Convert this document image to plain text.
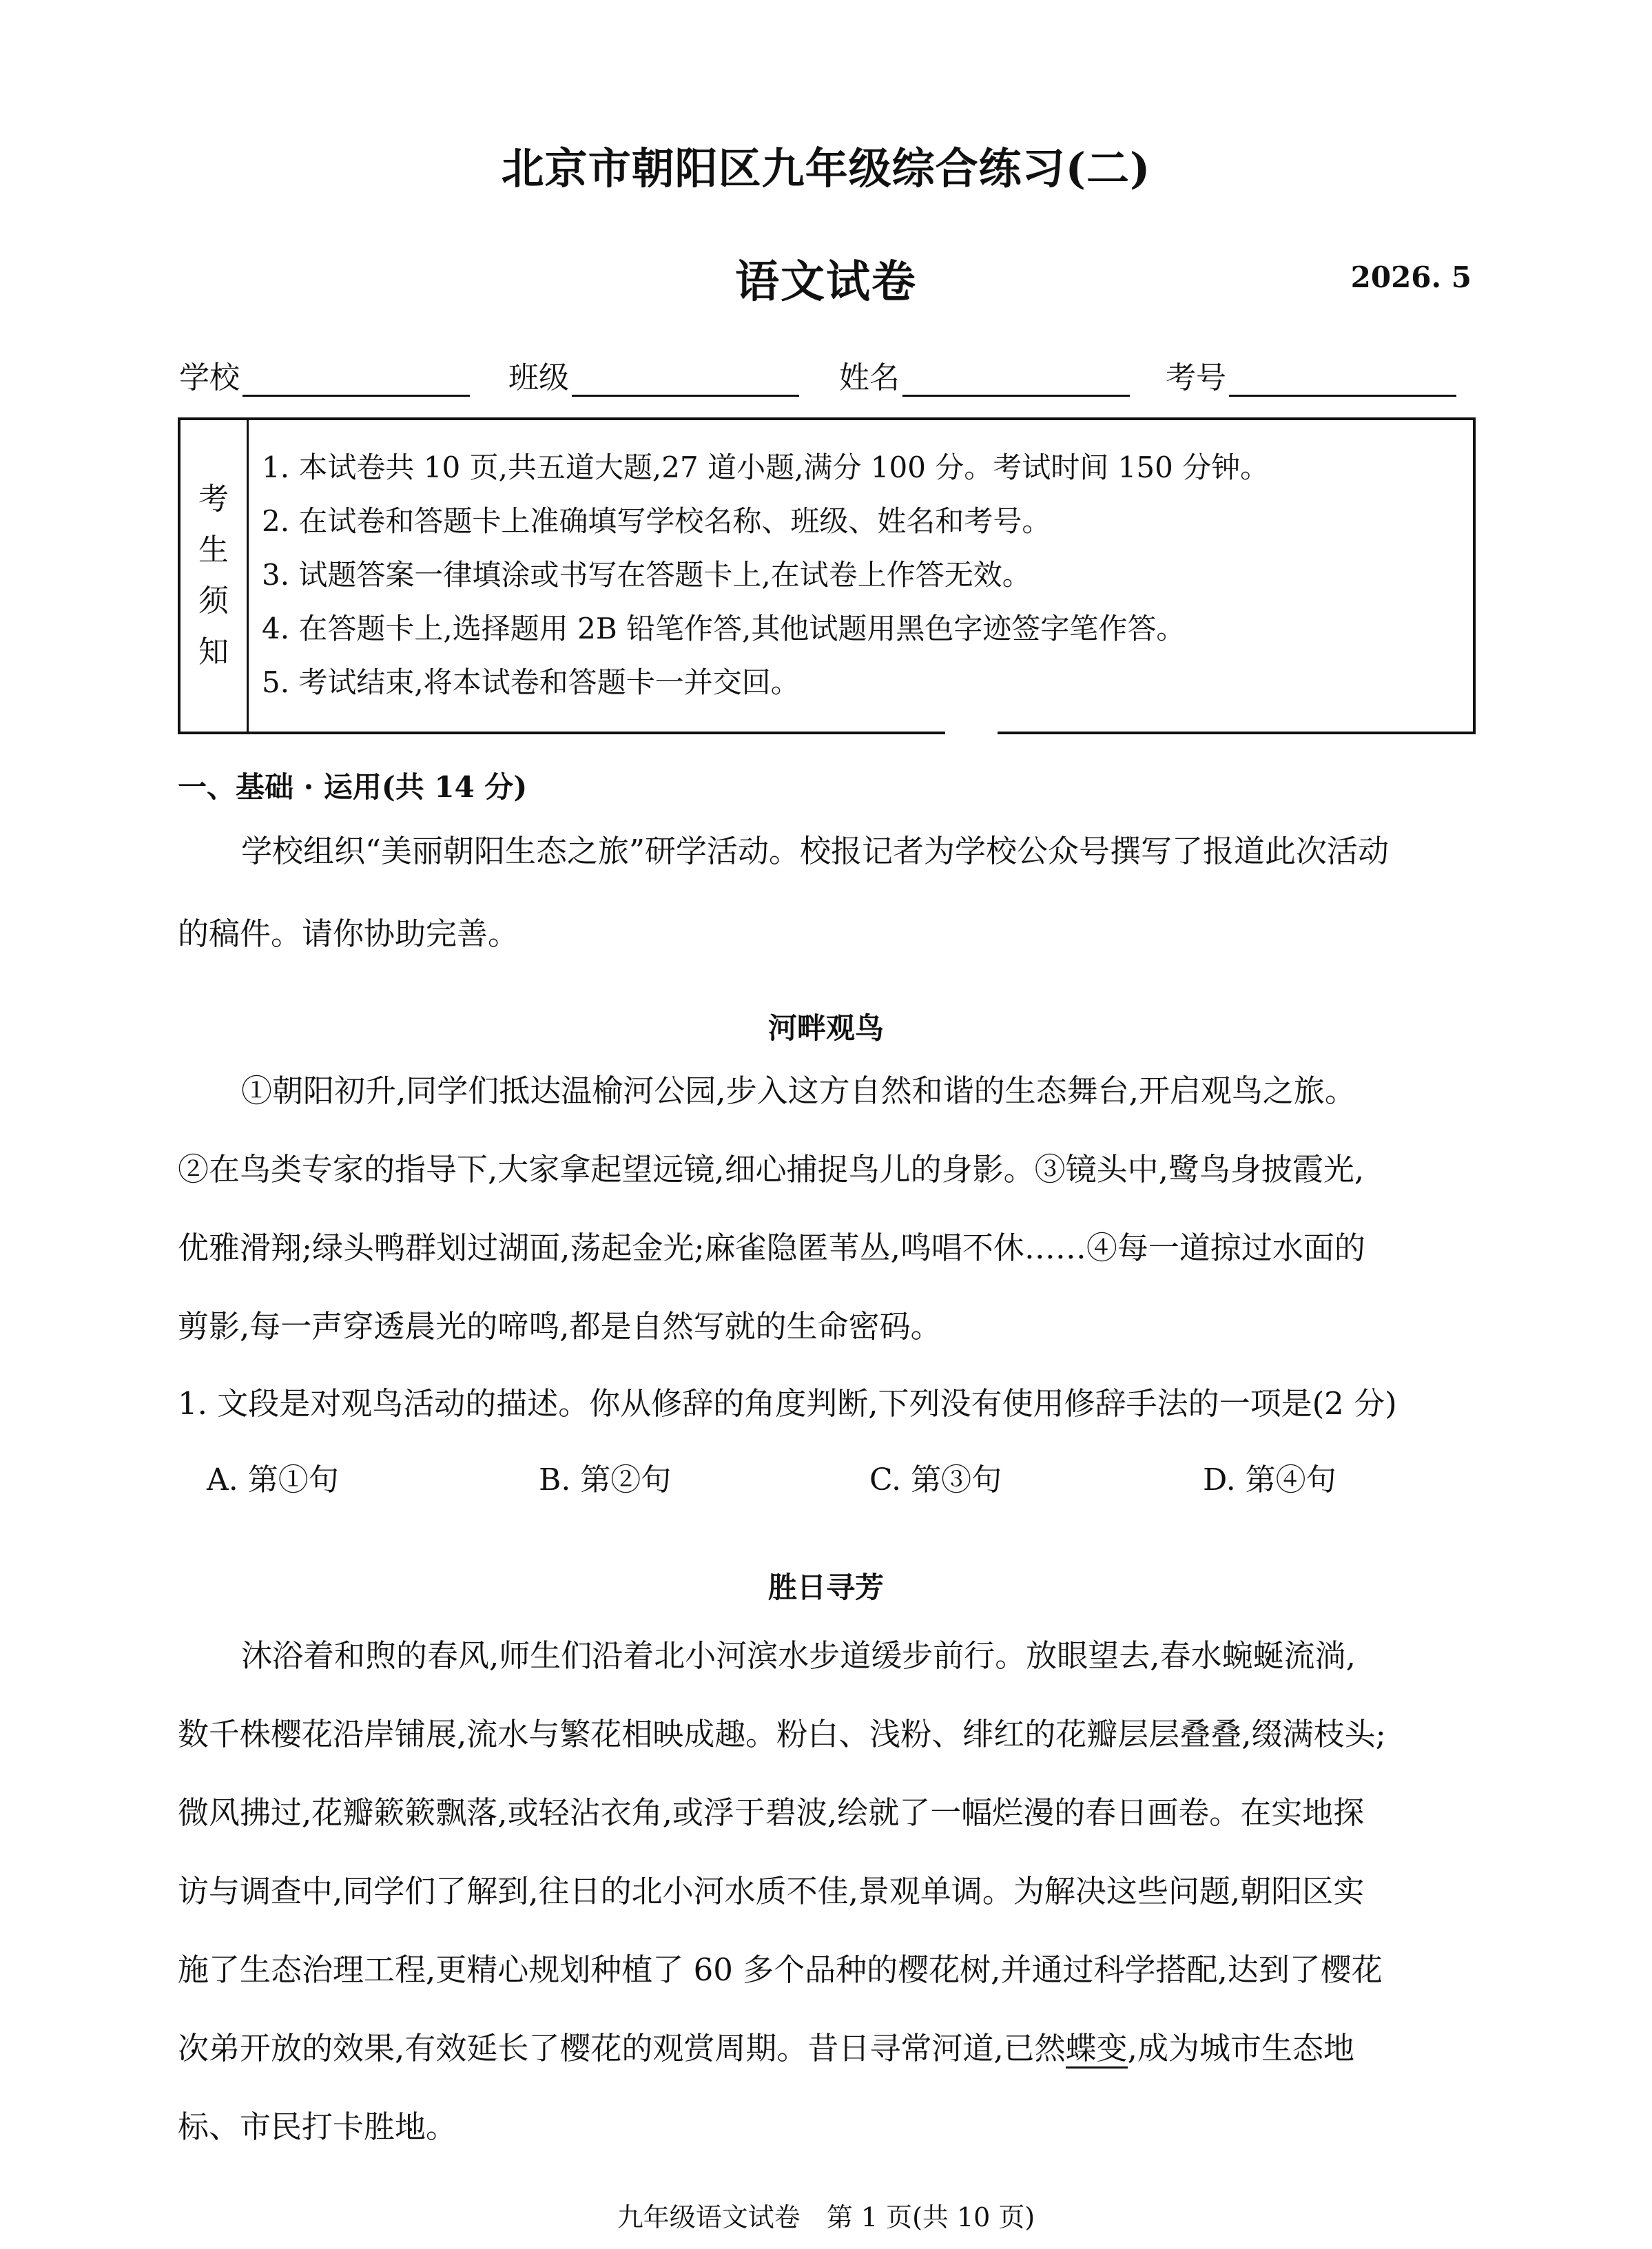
北京市朝阳区九年级综合练习(二)
语文试卷	2026. 5
学校	班级	姓名	考号
考
生
须
知
1. 本试卷共 10 页,共五道大题,27 道小题,满分 100 分。考试时间 150 分钟。
2. 在试卷和答题卡上准确填写学校名称、班级、姓名和考号。
3. 试题答案一律填涂或书写在答题卡上,在试卷上作答无效。
4. 在答题卡上,选择题用 2B 铅笔作答,其他试题用黑色字迹签字笔作答。
5. 考试结束,将本试卷和答题卡一并交回。
一、基础 · 运用(共 14 分)
学校组织“美丽朝阳生态之旅”研学活动。校报记者为学校公众号撰写了报道此次活动
的稿件。请你协助完善。
河畔观鸟
①朝阳初升,同学们抵达温榆河公园,步入这方自然和谐的生态舞台,开启观鸟之旅。
②在鸟类专家的指导下,大家拿起望远镜,细心捕捉鸟儿的身影。③镜头中,鹭鸟身披霞光,
优雅滑翔;绿头鸭群划过湖面,荡起金光;麻雀隐匿苇丛,鸣唱不休……④每一道掠过水面的
剪影,每一声穿透晨光的啼鸣,都是自然写就的生命密码。
1. 文段是对观鸟活动的描述。你从修辞的角度判断,下列没 •有 •使用修辞手法的一项是(2 分)
A. 第①句	B. 第②句	C. 第③句	D. 第④句
胜日寻芳
沐浴着和煦的春风,师生们沿着北小河滨水步道缓步前行。放眼望去,春水蜿 •蜒 •流淌,
数千株樱花沿岸铺展,流水与繁花相映成趣。粉白、浅粉、绯红的花瓣层层叠叠,缀满枝头;
微风拂过,花瓣簌簌飘落,或轻沾衣角,或浮于碧波,绘就了一幅烂 •漫 •的春日画卷。在实地探
访与调查中,同学们了解到,往日的北小河水质不佳,景观单调。为解决这些问题,朝阳区实
施了生态治理工程,更精心规划种植了 60 多个品种的樱花树,并通过科学搭配,达到了樱花
次 •弟 •开放的效果,有效延长了樱花的观赏周期。昔日寻常河道,已然蝶变,成为城市生态地
标、市民打卡胜 •地 •。
九年级语文试卷　第 1 页(共 10 页)
